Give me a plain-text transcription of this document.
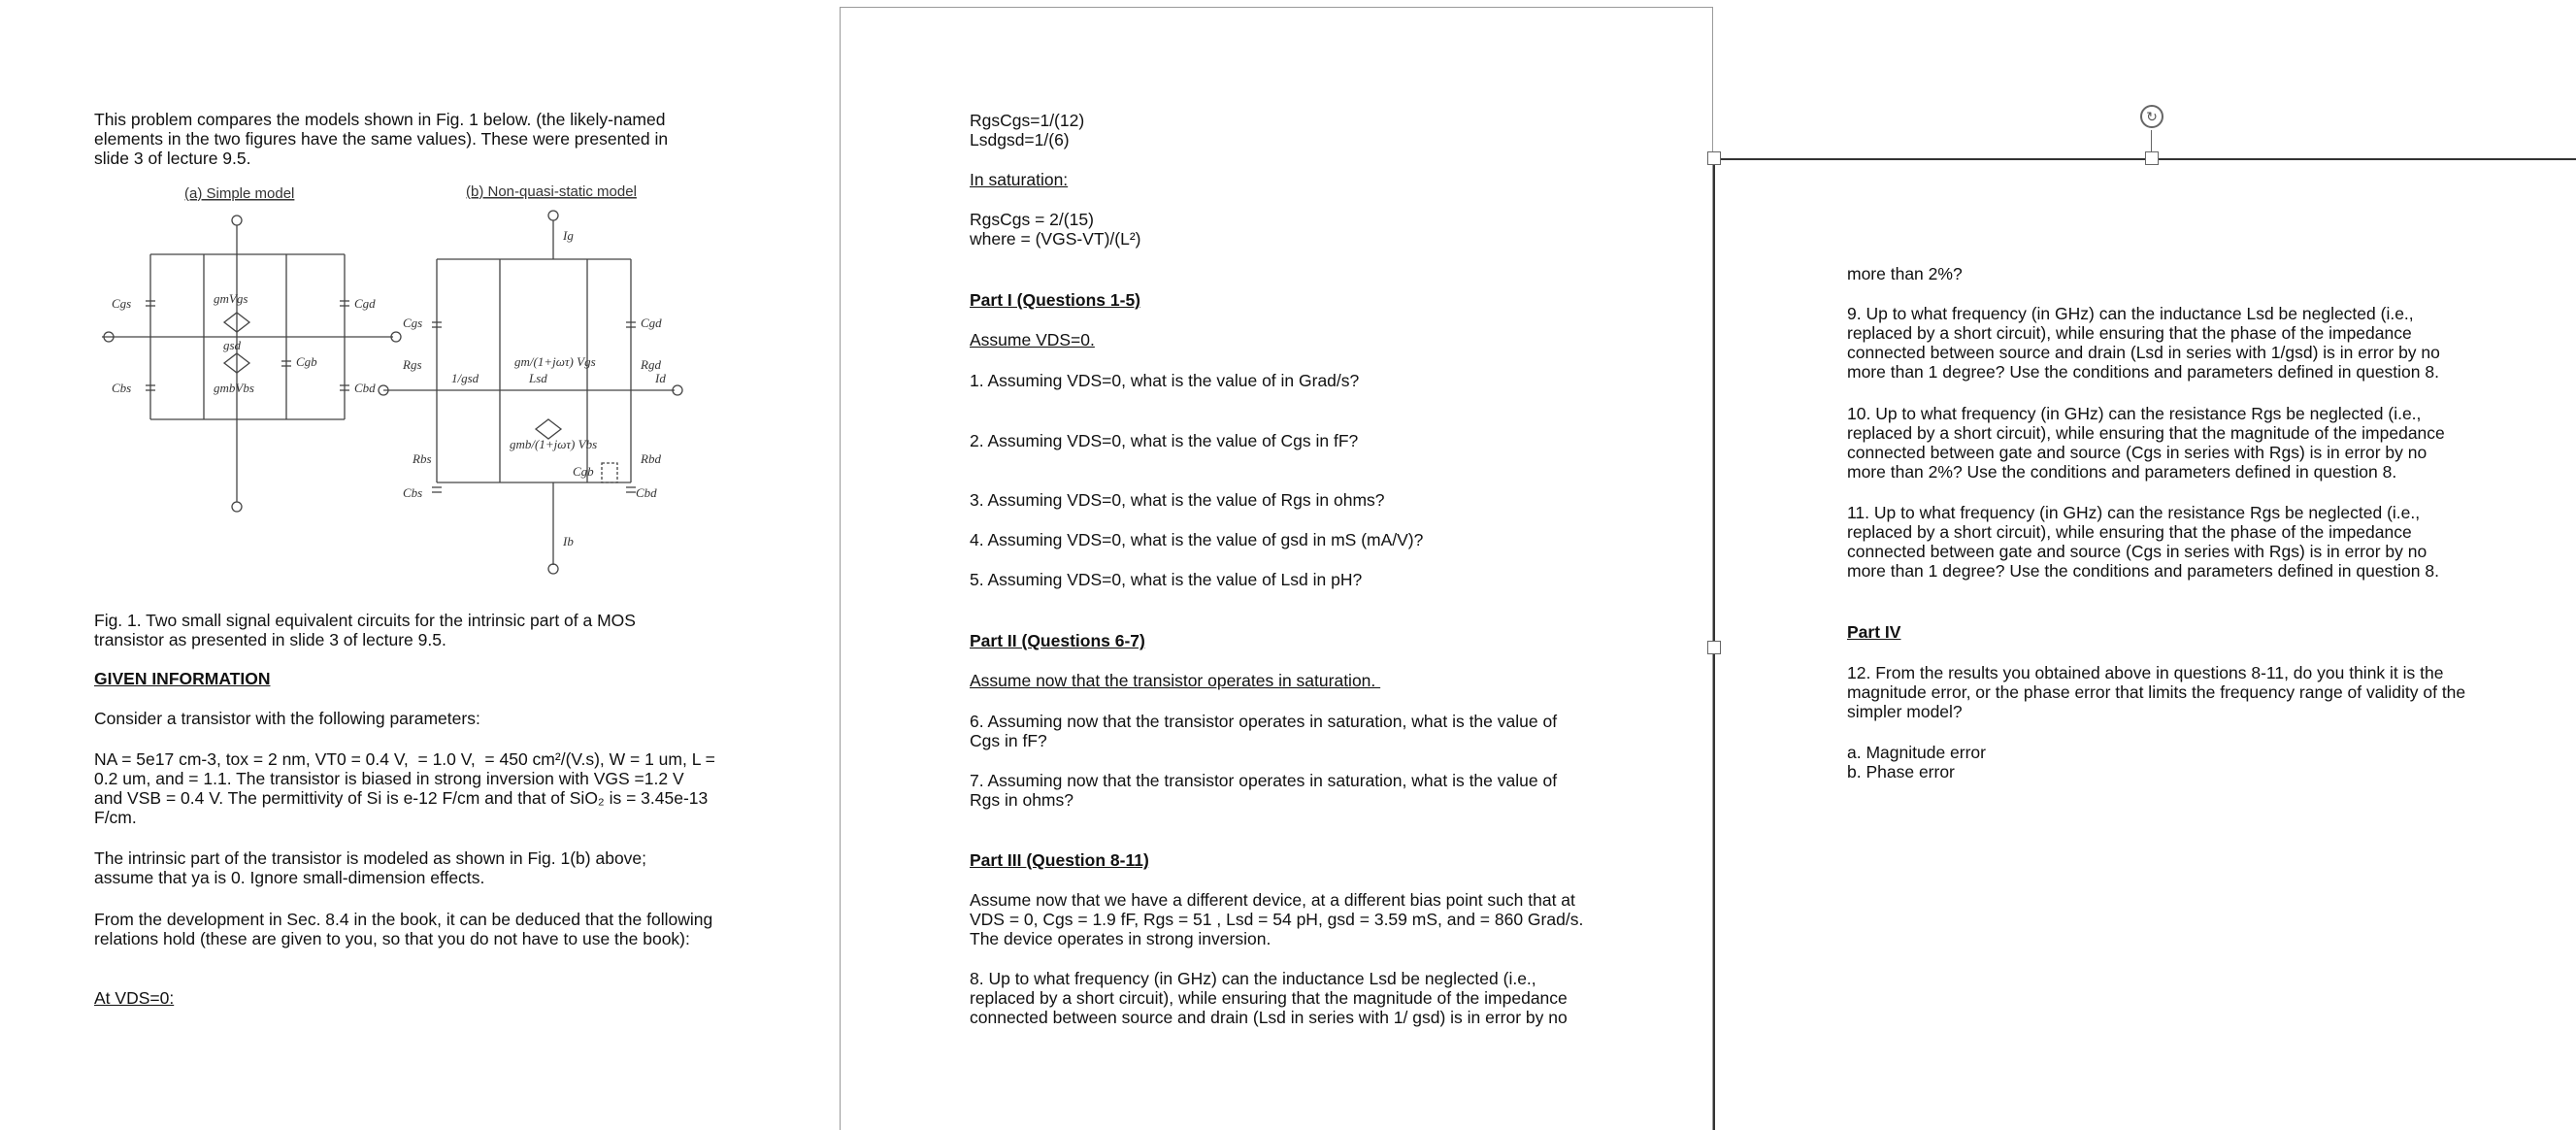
This problem compares the models shown in Fig. 1 below. (the likely-named elements in the two figures have the same values). These were presented in slide 3 of lecture 9.5.
(a) Simple model	(b) Non-quasi-static model
Cgs	gmVgs	Cgd
gsd
Cgb
Cbs	gmbVbs	Cbd
Cgs	Cgd
Rgs	Rgd
gm/(1+jωτ) Vgs
1/gsd	Lsd
Ig
Id
Rbs	Rbd
gmb/(1+jωτ) Vbs
Cgb
Cbs	Cbd
Ib
Fig. 1. Two small signal equivalent circuits for the intrinsic part of a MOS transistor as presented in slide 3 of lecture 9.5.
GIVEN INFORMATION
Consider a transistor with the following parameters:
NA = 5e17 cm-3, tox = 2 nm, VT0 = 0.4 V,  = 1.0 V,  = 450 cm²/(V.s), W = 1 um, L = 0.2 um, and = 1.1. The transistor is biased in strong inversion with VGS =1.2 V and VSB = 0.4 V. The permittivity of Si is e-12 F/cm and that of SiO₂ is = 3.45e-13 F/cm.
The intrinsic part of the transistor is modeled as shown in Fig. 1(b) above; assume that ya is 0. Ignore small-dimension effects.
From the development in Sec. 8.4 in the book, it can be deduced that the following relations hold (these are given to you, so that you do not have to use the book):
At VDS=0:
RgsCgs=1/(12)
Lsdgsd=1/(6)
In saturation:
RgsCgs = 2/(15)
where = (VGS-VT)/(L²)
Part I (Questions 1-5)
Assume VDS=0.
1. Assuming VDS=0, what is the value of in Grad/s?
2. Assuming VDS=0, what is the value of Cgs in fF?
3. Assuming VDS=0, what is the value of Rgs in ohms?
4. Assuming VDS=0, what is the value of gsd in mS (mA/V)?
5. Assuming VDS=0, what is the value of Lsd in pH?
Part II (Questions 6-7)
Assume now that the transistor operates in saturation.
6. Assuming now that the transistor operates in saturation, what is the value of Cgs in fF?
7. Assuming now that the transistor operates in saturation, what is the value of Rgs in ohms?
Part III (Question 8-11)
Assume now that we have a different device, at a different bias point such that at VDS = 0, Cgs = 1.9 fF, Rgs = 51 , Lsd = 54 pH, gsd = 3.59 mS, and = 860 Grad/s. The device operates in strong inversion.
8. Up to what frequency (in GHz) can the inductance Lsd be neglected (i.e., replaced by a short circuit), while ensuring that the magnitude of the impedance connected between source and drain (Lsd in series with 1/ gsd) is in error by no
↻
more than 2%?
9. Up to what frequency (in GHz) can the inductance Lsd be neglected (i.e., replaced by a short circuit), while ensuring that the phase of the impedance connected between source and drain (Lsd in series with 1/gsd) is in error by no more than 1 degree? Use the conditions and parameters defined in question 8.
10. Up to what frequency (in GHz) can the resistance Rgs be neglected (i.e., replaced by a short circuit), while ensuring that the magnitude of the impedance connected between gate and source (Cgs in series with Rgs) is in error by no more than 2%? Use the conditions and parameters defined in question 8.
11. Up to what frequency (in GHz) can the resistance Rgs be neglected (i.e., replaced by a short circuit), while ensuring that the phase of the impedance connected between gate and source (Cgs in series with Rgs) is in error by no more than 1 degree? Use the conditions and parameters defined in question 8.
Part IV
12. From the results you obtained above in questions 8-11, do you think it is the magnitude error, or the phase error that limits the frequency range of validity of the simpler model?
a. Magnitude error
b. Phase error
